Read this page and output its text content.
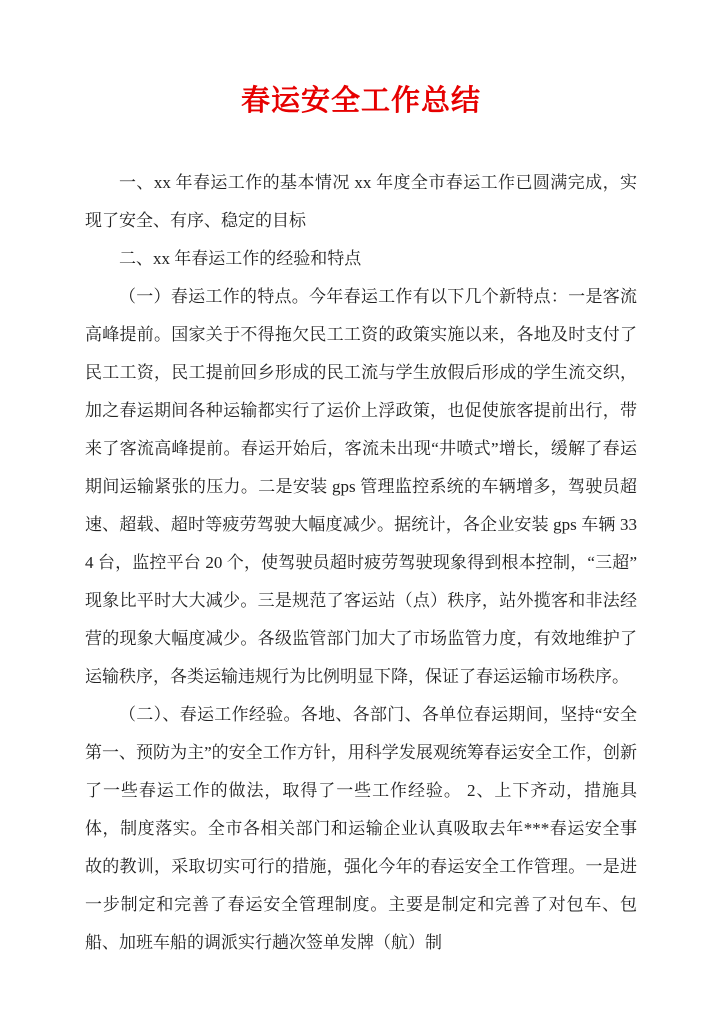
春运安全工作总结

一、xx 年春运工作的基本情况 xx 年度全市春运工作已圆满完成，实现了安全、有序、稳定的目标

二、xx 年春运工作的经验和特点

（一）春运工作的特点。今年春运工作有以下几个新特点：一是客流高峰提前。国家关于不得拖欠民工工资的政策实施以来，各地及时支付了民工工资，民工提前回乡形成的民工流与学生放假后形成的学生流交织，加之春运期间各种运输都实行了运价上浮政策，也促使旅客提前出行，带来了客流高峰提前。春运开始后，客流未出现“井喷式”增长，缓解了春运期间运输紧张的压力。二是安装 gps 管理监控系统的车辆增多，驾驶员超速、超载、超时等疲劳驾驶大幅度减少。据统计，各企业安装 gps 车辆 334 台，监控平台 20 个，使驾驶员超时疲劳驾驶现象得到根本控制，“三超”现象比平时大大减少。三是规范了客运站（点）秩序，站外揽客和非法经营的现象大幅度减少。各级监管部门加大了市场监管力度，有效地维护了运输秩序，各类运输违规行为比例明显下降，保证了春运运输市场秩序。

（二）、春运工作经验。各地、各部门、各单位春运期间，坚持“安全第一、预防为主”的安全工作方针，用科学发展观统筹春运安全工作，创新了一些春运工作的做法，取得了一些工作经验。 2、上下齐动，措施具体，制度落实。全市各相关部门和运输企业认真吸取去年***春运安全事故的教训，采取切实可行的措施，强化今年的春运安全工作管理。一是进一步制定和完善了春运安全管理制度。主要是制定和完善了对包车、包船、加班车船的调派实行趟次签单发牌（航）制
